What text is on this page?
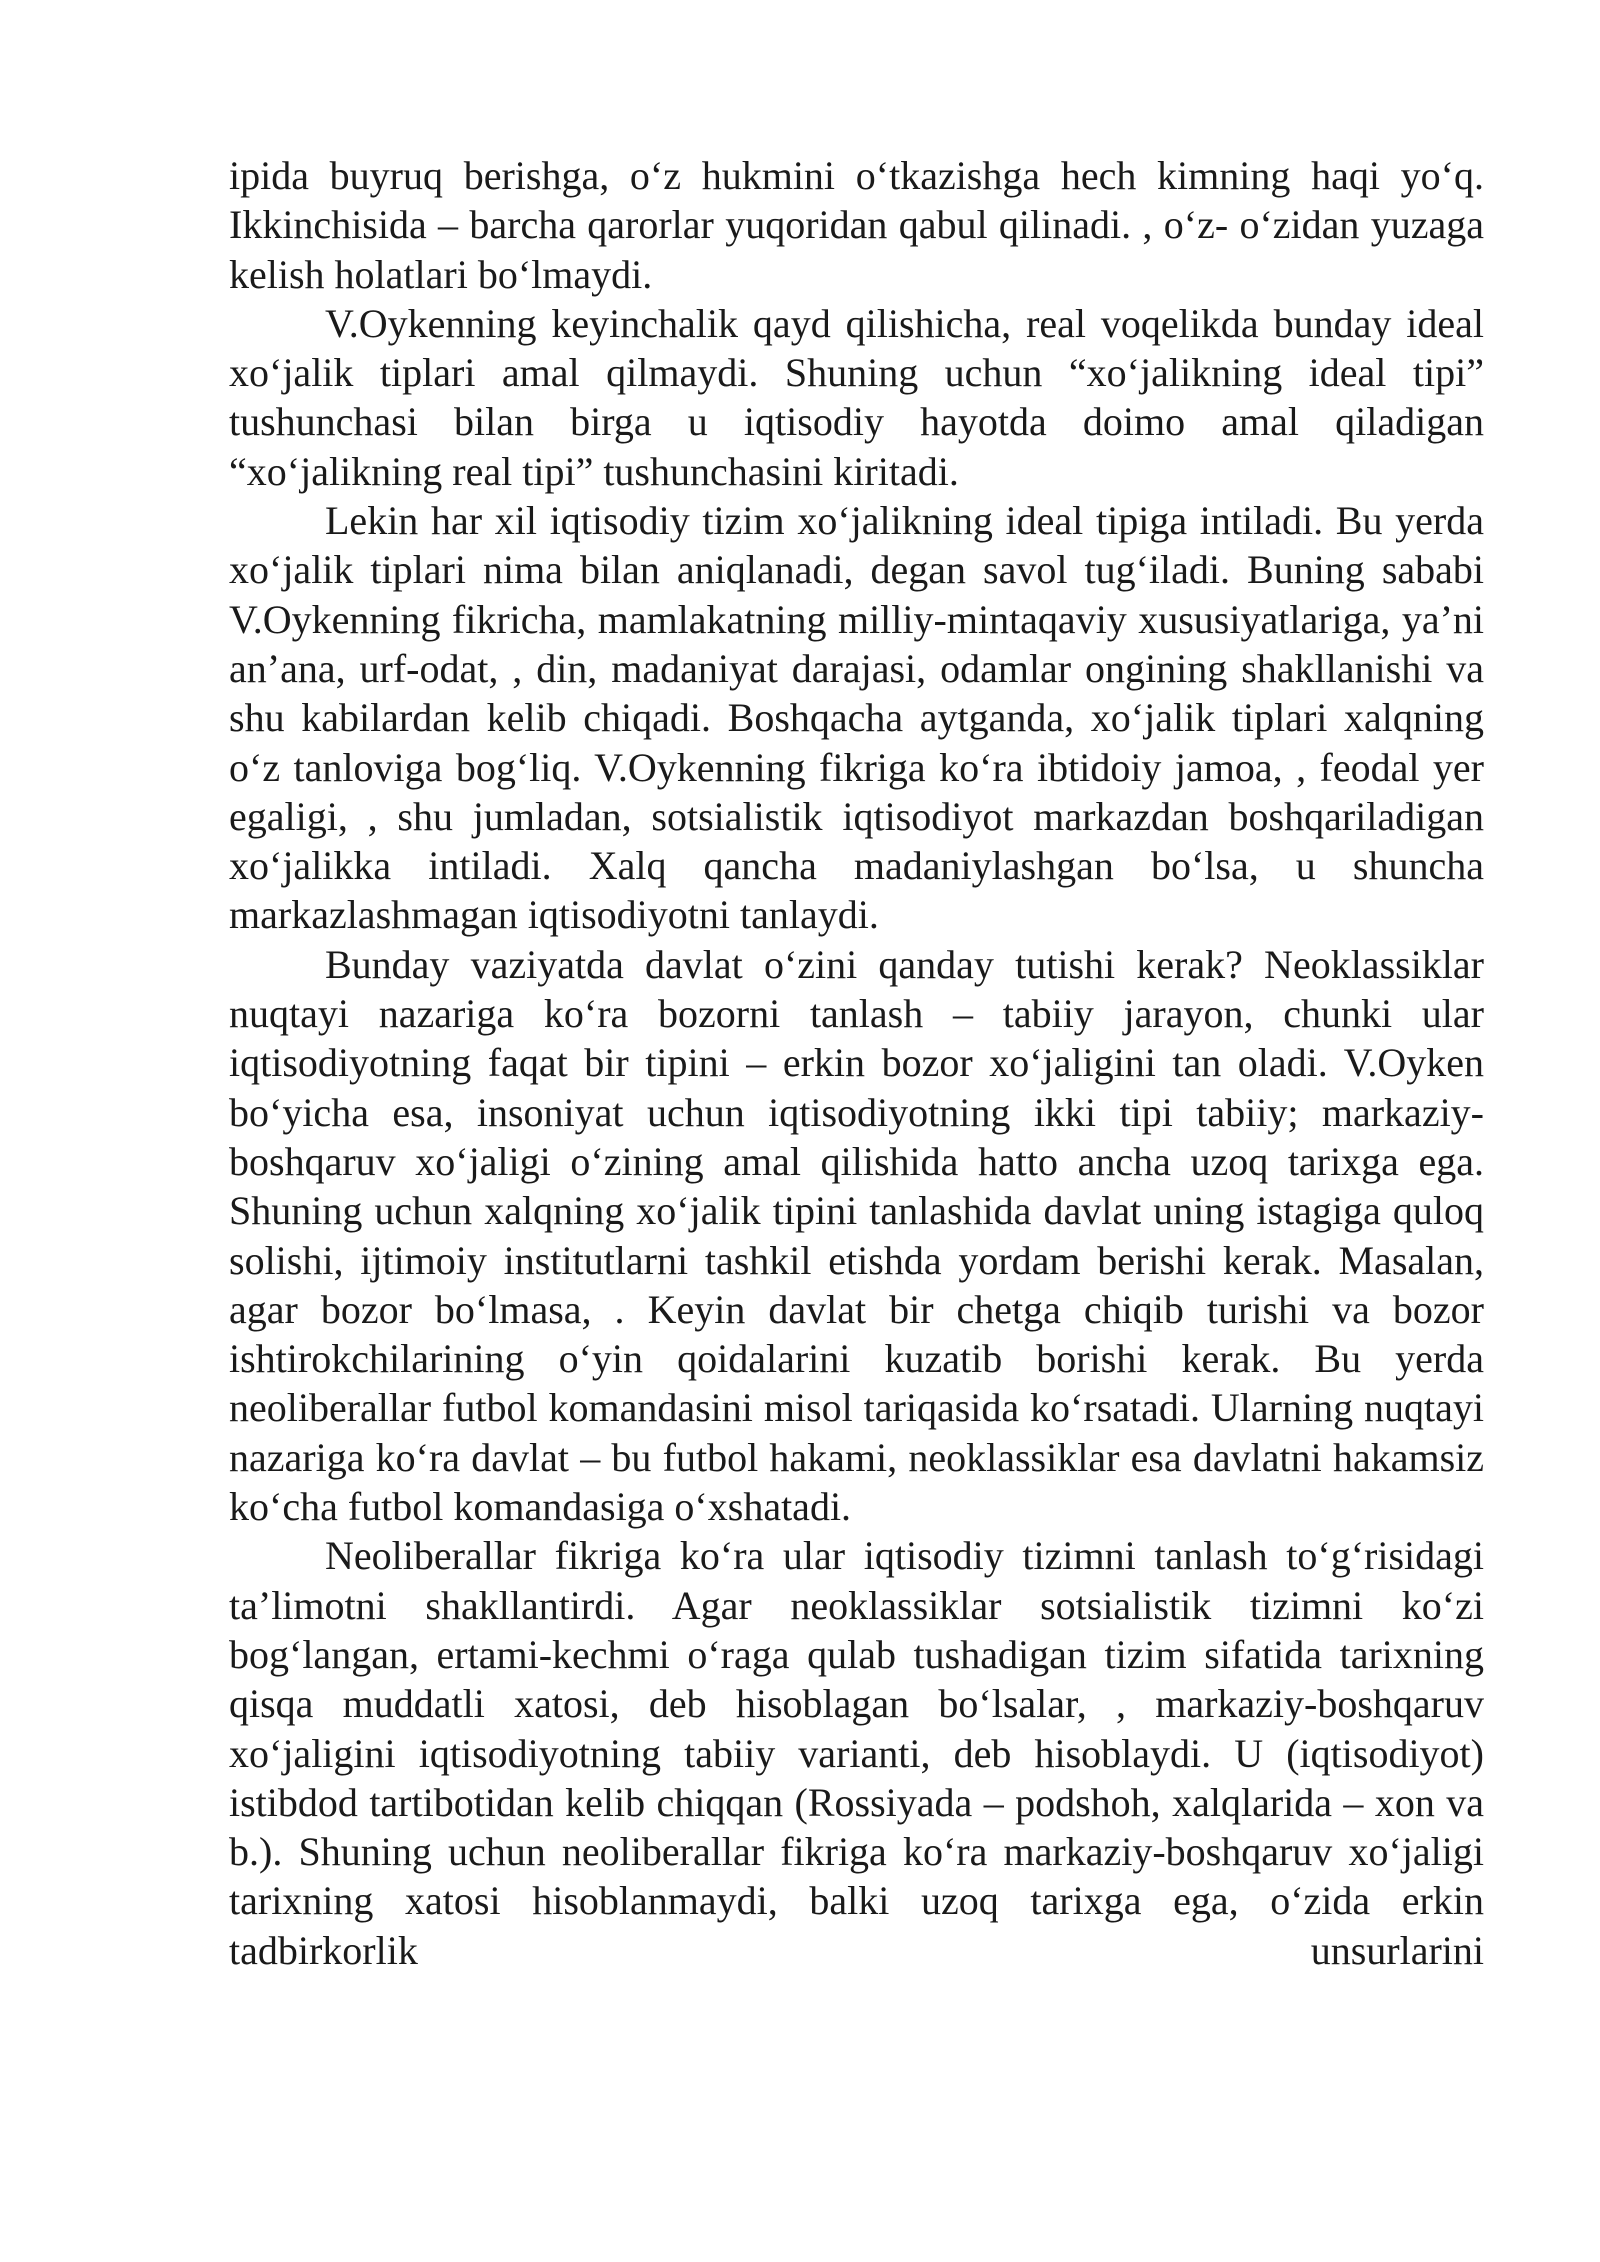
ipida buyruq berishga, o‘z hukmini o‘tkazishga hech kimning haqi yo‘q. Ikkinchisida – barcha qarorlar yuqoridan qabul qilinadi. , o‘z- o‘zidan yuzaga kelish holatlari bo‘lmaydi.

V.Oykenning keyinchalik qayd qilishicha, real voqelikda bunday ideal xo‘jalik tiplari amal qilmaydi. Shuning uchun “xo‘jalikning ideal tipi” tushunchasi bilan birga u iqtisodiy hayotda doimo amal qiladigan “xo‘jalikning real tipi” tushunchasini kiritadi.

Lekin har xil iqtisodiy tizim xo‘jalikning ideal tipiga intiladi. Bu yerda xo‘jalik tiplari nima bilan aniqlanadi, degan savol tug‘iladi. Buning sababi V.Oykenning fikricha, mamlakatning milliy-mintaqaviy xususiyatlariga, ya’ni an’ana, urf-odat, , din, madaniyat darajasi, odamlar ongining shakllanishi va shu kabilardan kelib chiqadi. Boshqacha aytganda, xo‘jalik tiplari xalqning o‘z tanloviga bog‘liq. V.Oykenning fikriga ko‘ra ibtidoiy jamoa, , feodal yer egaligi, , shu jumladan, sotsialistik iqtisodiyot markazdan boshqariladigan xo‘jalikka intiladi. Xalq qancha madaniylashgan bo‘lsa, u shuncha markazlashmagan iqtisodiyotni tanlaydi.

Bunday vaziyatda davlat o‘zini qanday tutishi kerak? Neoklassiklar nuqtayi nazariga ko‘ra bozorni tanlash – tabiiy jarayon, chunki ular iqtisodiyotning faqat bir tipini – erkin bozor xo‘jaligini tan oladi. V.Oyken bo‘yicha esa, insoniyat uchun iqtisodiyotning ikki tipi tabiiy; markaziy-boshqaruv xo‘jaligi o‘zining amal qilishida hatto ancha uzoq tarixga ega. Shuning uchun xalqning xo‘jalik tipini tanlashida davlat uning istagiga quloq solishi, ijtimoiy institutlarni tashkil etishda yordam berishi kerak. Masalan, agar bozor bo‘lmasa, . Keyin davlat bir chetga chiqib turishi va bozor ishtirokchilarining o‘yin qoidalarini kuzatib borishi kerak. Bu yerda neoliberallar futbol komandasini misol tariqasida ko‘rsatadi. Ularning nuqtayi nazariga ko‘ra davlat – bu futbol hakami, neoklassiklar esa davlatni hakamsiz ko‘cha futbol komandasiga o‘xshatadi.

Neoliberallar fikriga ko‘ra ular iqtisodiy tizimni tanlash to‘g‘risidagi ta’limotni shakllantirdi. Agar neoklassiklar sotsialistik tizimni ko‘zi bog‘langan, ertami-kechmi o‘raga qulab tushadigan tizim sifatida tarixning qisqa muddatli xatosi, deb hisoblagan bo‘lsalar, , markaziy-boshqaruv xo‘jaligini iqtisodiyotning tabiiy varianti, deb hisoblaydi. U (iqtisodiyot) istibdod tartibotidan kelib chiqqan (Rossiyada – podshoh, xalqlarida – xon va b.). Shuning uchun neoliberallar fikriga ko‘ra markaziy-boshqaruv xo‘jaligi tarixning xatosi hisoblanmaydi, balki uzoq tarixga ega, o‘zida erkin tadbirkorlik unsurlarini
